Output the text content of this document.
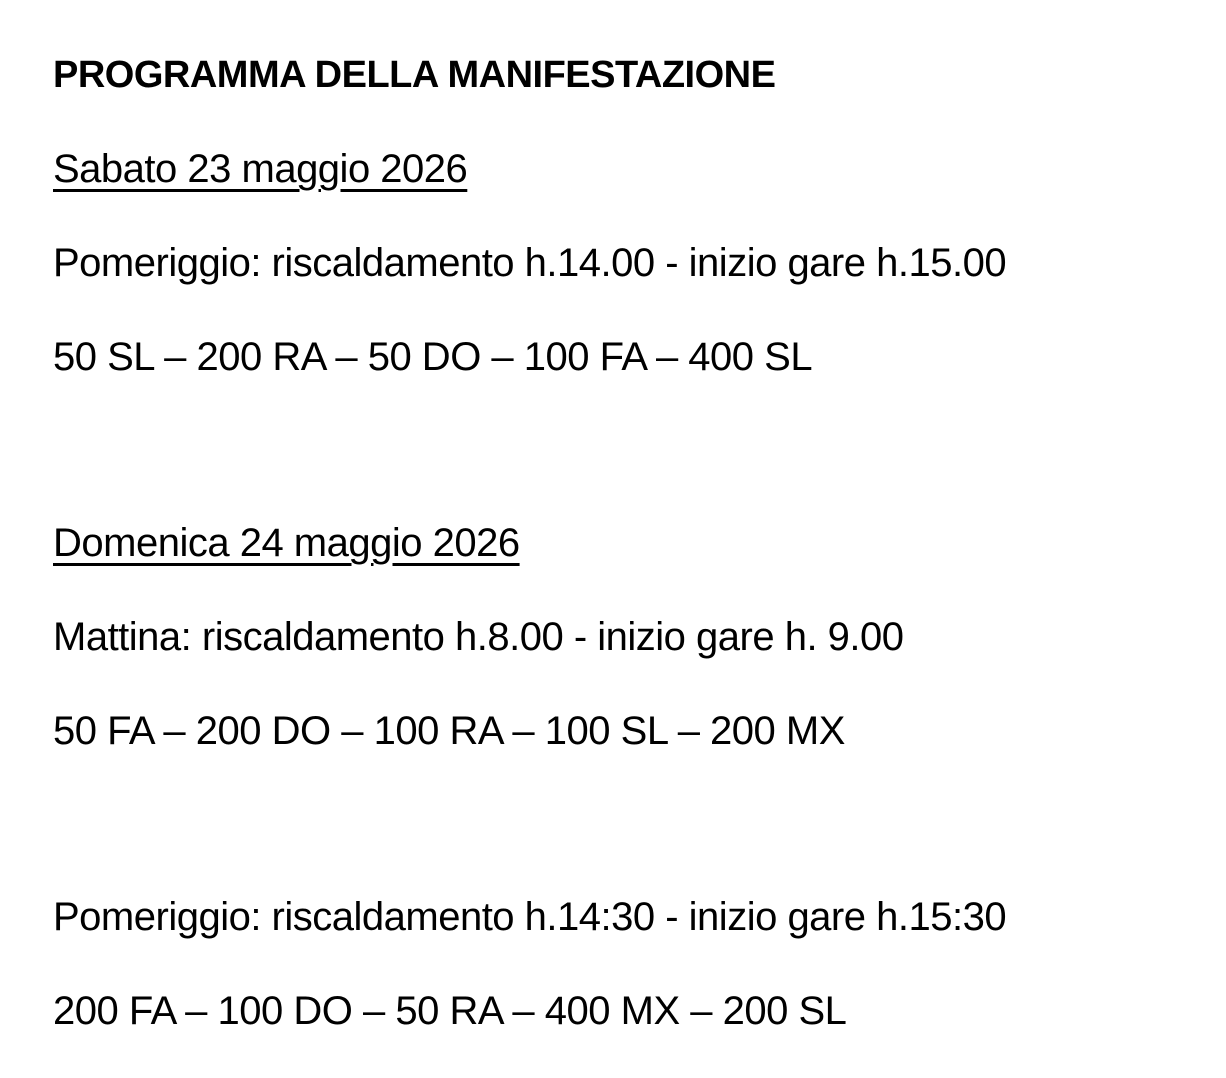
PROGRAMMA DELLA MANIFESTAZIONE

Sabato 23 maggio 2026

Pomeriggio: riscaldamento h.14.00 - inizio gare h.15.00

50 SL – 200 RA – 50 DO – 100 FA – 400 SL

Domenica 24 maggio 2026

Mattina: riscaldamento h.8.00 - inizio gare h. 9.00

50 FA – 200 DO – 100 RA – 100 SL – 200 MX

Pomeriggio: riscaldamento h.14:30 - inizio gare h.15:30

200 FA – 100 DO – 50 RA – 400 MX – 200 SL
